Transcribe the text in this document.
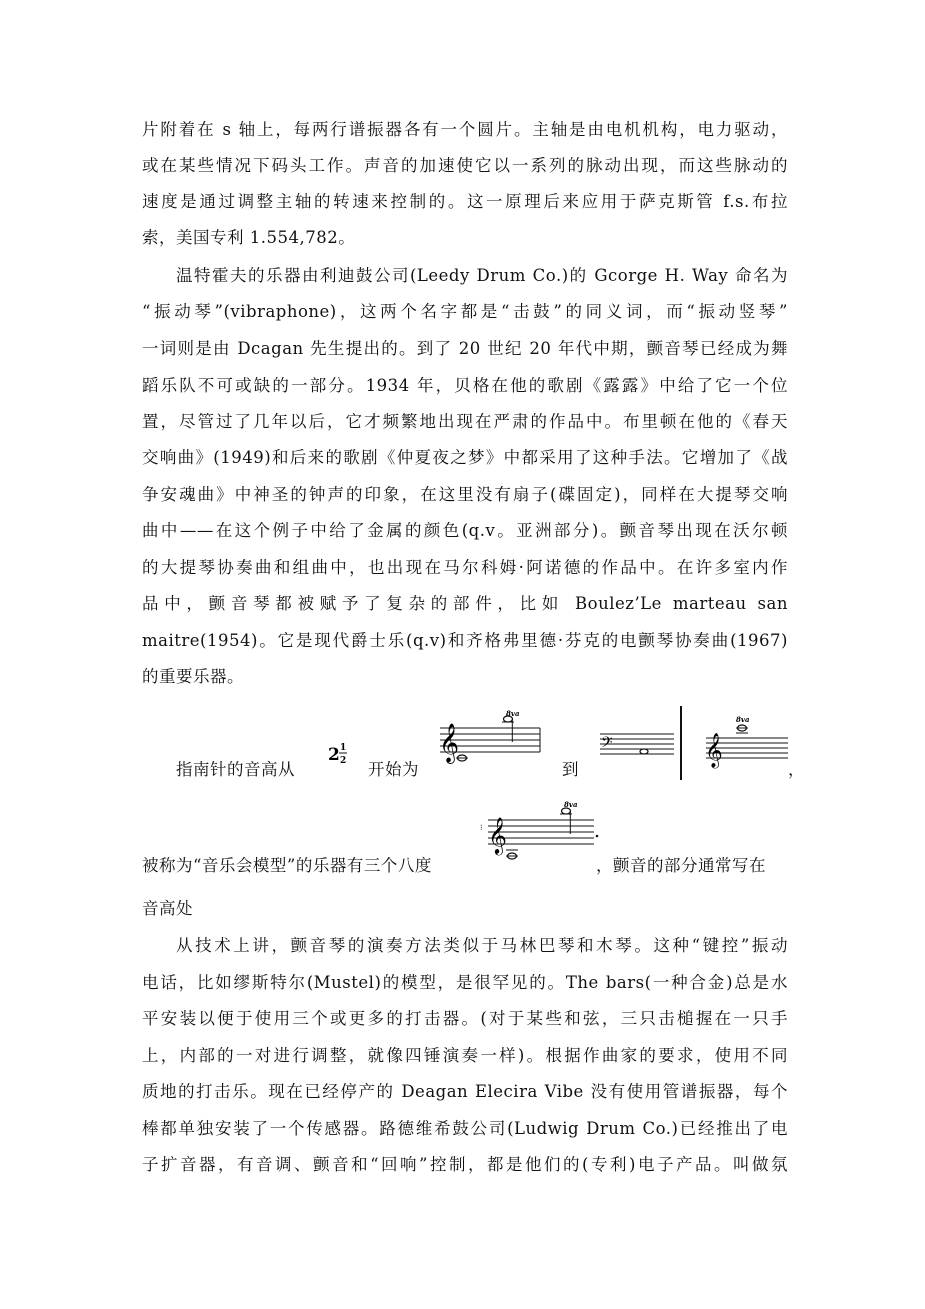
片附着在 s 轴上，每两行谱振器各有一个圆片。主轴是由电机机构，电力驱动，
或在某些情况下码头工作。声音的加速使它以一系列的脉动出现，而这些脉动的
速度是通过调整主轴的转速来控制的。这一原理后来应用于萨克斯管 f.s.布拉
索，美国专利 1.554,782。
温特霍夫的乐器由利迪鼓公司(Leedy Drum Co.)的 Gcorge H. Way 命名为
“振动琴”(vibraphone)，这两个名字都是“击鼓”的同义词，而“振动竖琴”
一词则是由 Dcagan 先生提出的。到了 20 世纪 20 年代中期，颤音琴已经成为舞
蹈乐队不可或缺的一部分。1934 年，贝格在他的歌剧《露露》中给了它一个位
置，尽管过了几年以后，它才频繁地出现在严肃的作品中。布里顿在他的《春天
交响曲》(1949)和后来的歌剧《仲夏夜之梦》中都采用了这种手法。它增加了《战
争安魂曲》中神圣的钟声的印象，在这里没有扇子(碟固定)，同样在大提琴交响
曲中——在这个例子中给了金属的颜色(q.v。亚洲部分)。颤音琴出现在沃尔顿
的大提琴协奏曲和组曲中，也出现在马尔科姆·阿诺德的作品中。在许多室内作
品中，颤音琴都被赋予了复杂的部件，比如 Boulez’Le marteau san
maitre(1954)。它是现代爵士乐(q.v)和齐格弗里德·芬克的电颤琴协奏曲(1967)
的重要乐器。
指南针的音高从
2 1
2 开始为
𝄞
8va
到
𝄢	𝄞
8va
，
⁝ 𝄞
8va
被称为“音乐会模型”的乐器有三个八度	，颤音的部分通常写在
音高处
从技术上讲，颤音琴的演奏方法类似于马林巴琴和木琴。这种“键控”振动
电话，比如缪斯特尔(Mustel)的模型，是很罕见的。The bars(一种合金)总是水
平安装以便于使用三个或更多的打击器。(对于某些和弦，三只击槌握在一只手
上，内部的一对进行调整，就像四锤演奏一样)。根据作曲家的要求，使用不同
质地的打击乐。现在已经停产的 Deagan Elecira Vibe 没有使用管谱振器，每个
棒都单独安装了一个传感器。路德维希鼓公司(Ludwig Drum Co.)已经推出了电
子扩音器，有音调、颤音和“回响”控制，都是他们的(专利)电子产品。叫做氛
